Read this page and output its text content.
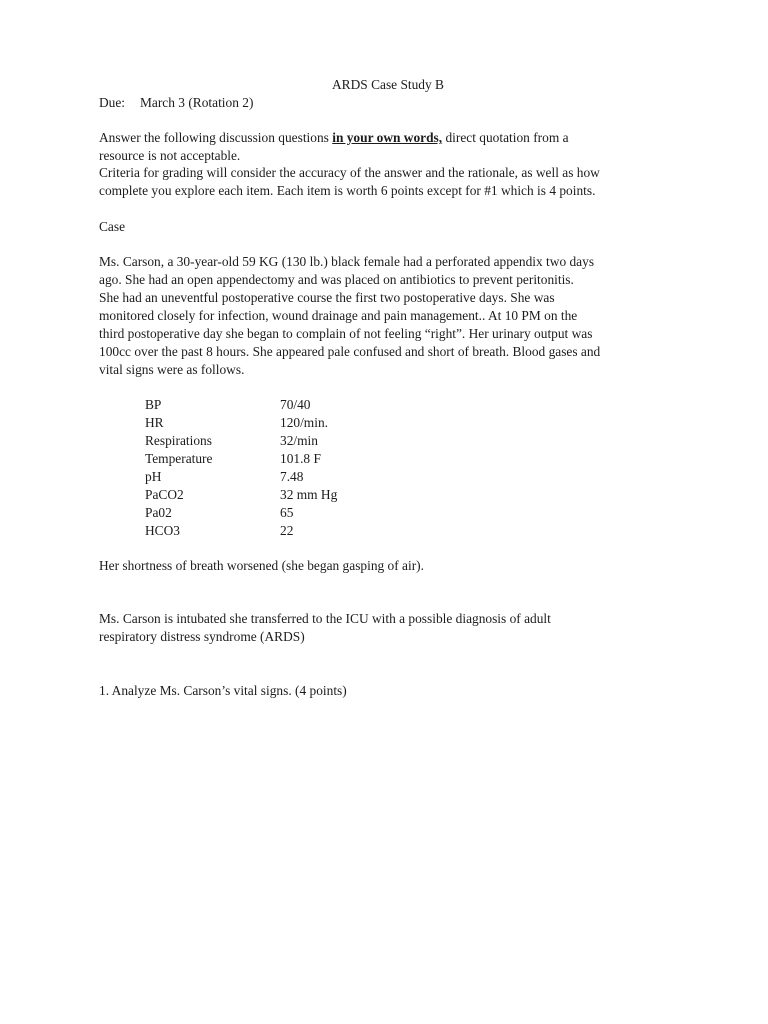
ARDS Case Study B
Due: March 3 (Rotation 2)
Answer the following discussion questions in your own words, direct quotation from a
resource is not acceptable.
Criteria for grading will consider the accuracy of the answer and the rationale, as well as how
complete you explore each item. Each item is worth 6 points except for #1 which is 4 points.
Case
Ms. Carson, a 30-year-old 59 KG (130 lb.) black female had a perforated appendix two days
ago. She had an open appendectomy and was placed on antibiotics to prevent peritonitis.
She had an uneventful postoperative course the first two postoperative days. She was
monitored closely for infection, wound drainage and pain management.. At 10 PM on the
third postoperative day she began to complain of not feeling “right”. Her urinary output was
100cc over the past 8 hours. She appeared pale confused and short of breath. Blood gases and
vital signs were as follows.
BP	70/40
HR	120/min.
Respirations	32/min
Temperature	101.8 F
pH	7.48
PaCO2	32 mm Hg
Pa02	65
HCO3	22
Her shortness of breath worsened (she began gasping of air).
Ms. Carson is intubated she transferred to the ICU with a possible diagnosis of adult
respiratory distress syndrome (ARDS)
1. Analyze Ms. Carson’s vital signs. (4 points)
